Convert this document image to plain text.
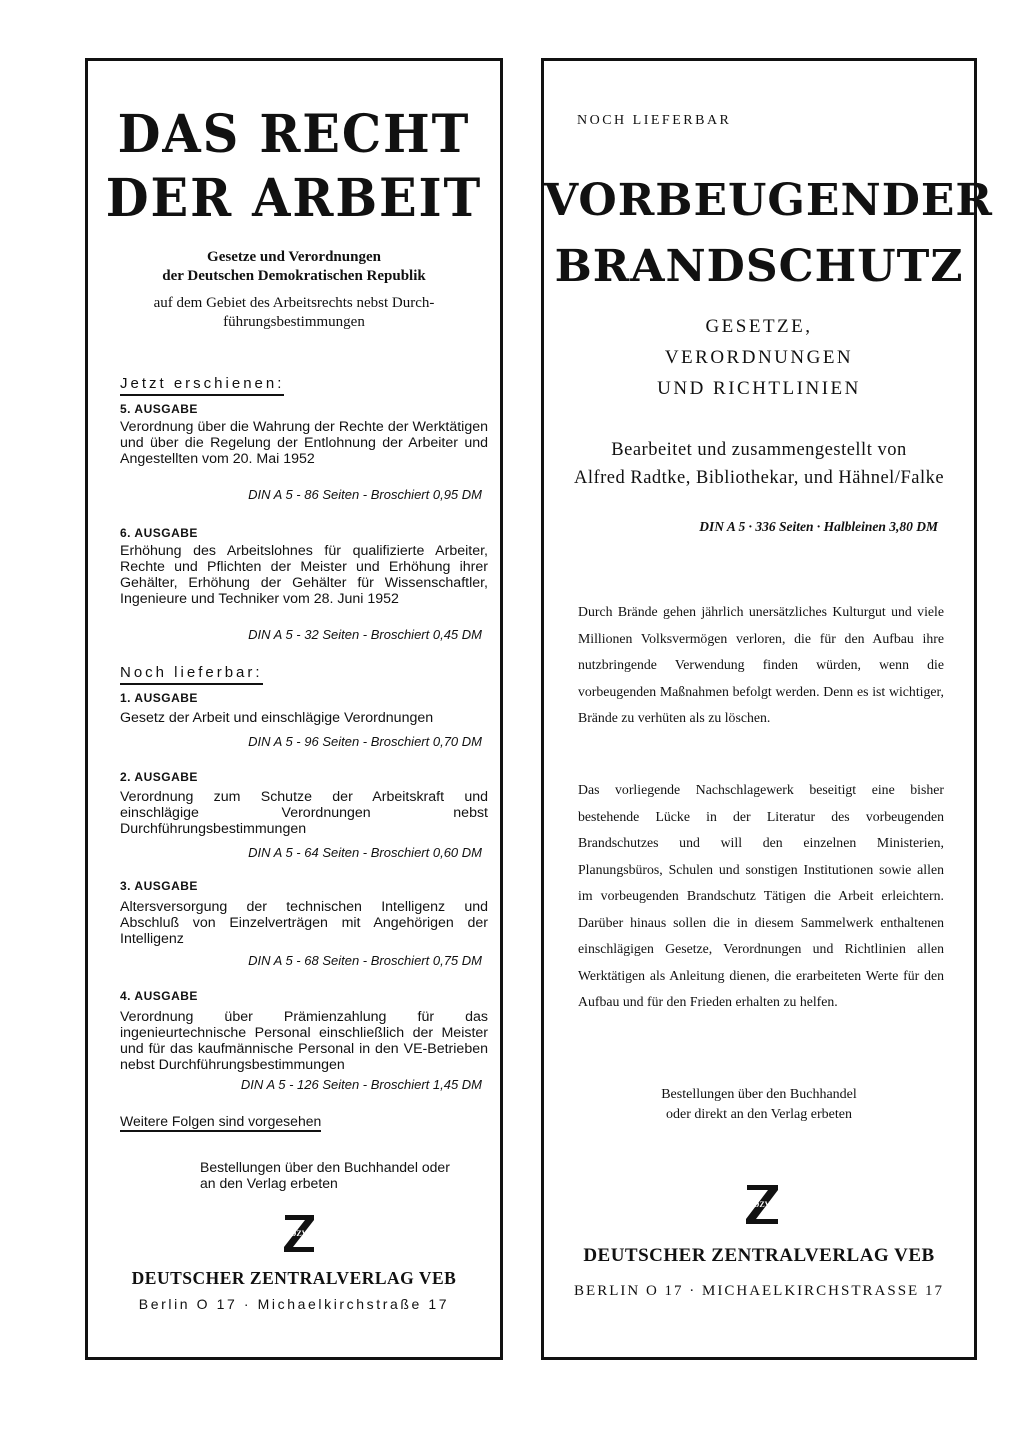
DAS RECHT
DER ARBEIT
Gesetze und Verordnungen
der Deutschen Demokratischen Republik
auf dem Gebiet des Arbeitsrechts nebst Durch-
führungsbestimmungen
Jetzt erschienen:
5. AUSGABE
Verordnung über die Wahrung der Rechte der Werktätigen und über die Regelung der Entlohnung der Arbeiter und Angestellten vom 20. Mai 1952
DIN A 5 - 86 Seiten - Broschiert 0,95 DM
6. AUSGABE
Erhöhung des Arbeitslohnes für qualifizierte Arbeiter, Rechte und Pflichten der Meister und Erhöhung ihrer Gehälter, Erhöhung der Gehälter für Wissenschaftler, Ingenieure und Techniker vom 28. Juni 1952
DIN A 5 - 32 Seiten - Broschiert 0,45 DM
Noch lieferbar:
1. AUSGABE
Gesetz der Arbeit und einschlägige Verordnungen
DIN A 5 - 96 Seiten - Broschiert 0,70 DM
2. AUSGABE
Verordnung zum Schutze der Arbeitskraft und einschlägige Verordnungen nebst Durchführungsbestimmungen
DIN A 5 - 64 Seiten - Broschiert 0,60 DM
3. AUSGABE
Altersversorgung der technischen Intelligenz und Abschluß von Einzelverträgen mit Angehörigen der Intelligenz
DIN A 5 - 68 Seiten - Broschiert 0,75 DM
4. AUSGABE
Verordnung über Prämienzahlung für das ingenieurtechnische Personal einschließlich der Meister und für das kaufmännische Personal in den VE-Betrieben nebst Durchführungsbestimmungen
DIN A 5 - 126 Seiten - Broschiert 1,45 DM
Weitere Folgen sind vorgesehen
Bestellungen über den Buchhandel oder
an den Verlag erbeten
DZV
DEUTSCHER ZENTRALVERLAG VEB
Berlin O 17 · Michaelkirchstraße 17
NOCH LIEFERBAR
VORBEUGENDER
BRANDSCHUTZ
GESETZE,
VERORDNUNGEN
UND RICHTLINIEN
Bearbeitet und zusammengestellt von
Alfred Radtke, Bibliothekar, und Hähnel/Falke
DIN A 5 · 336 Seiten · Halbleinen 3,80 DM
Durch Brände gehen jährlich unersätzliches Kulturgut und viele Millionen Volksvermögen verloren, die für den Aufbau ihre nutzbringende Verwendung finden würden, wenn die vorbeugenden Maßnahmen befolgt werden. Denn es ist wichtiger, Brände zu verhüten als zu löschen.
Das vorliegende Nachschlagewerk beseitigt eine bisher bestehende Lücke in der Literatur des vorbeugenden Brandschutzes und will den einzelnen Ministerien, Planungsbüros, Schulen und sonstigen Institutionen sowie allen im vorbeugenden Brandschutz Tätigen die Arbeit erleichtern. Darüber hinaus sollen die in diesem Sammelwerk enthaltenen einschlägigen Gesetze, Verordnungen und Richtlinien allen Werktätigen als Anleitung dienen, die erarbeiteten Werte für den Aufbau und für den Frieden erhalten zu helfen.
Bestellungen über den Buchhandel
oder direkt an den Verlag erbeten
DZV
DEUTSCHER ZENTRALVERLAG VEB
BERLIN O 17 · MICHAELKIRCHSTRASSE 17
